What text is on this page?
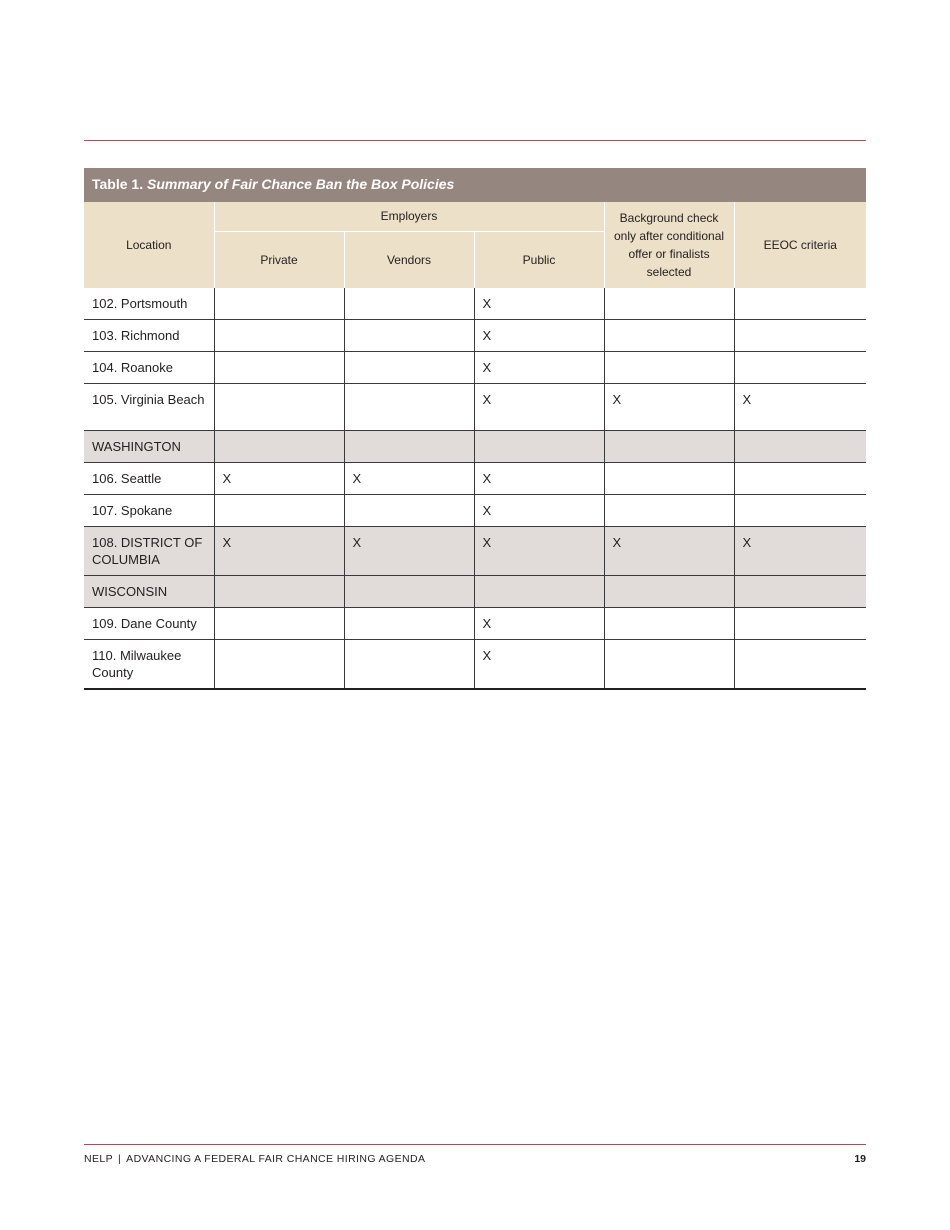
Table 1. Summary of Fair Chance Ban the Box Policies
Location	Employers			Background check only after conditional offer or finalists selected	EEOC criteria
	Private	Vendors	Public		
102. Portsmouth			X		
103. Richmond			X		
104. Roanoke			X		
105. Virginia Beach			X	X	X
WASHINGTON					
106. Seattle	X	X	X		
107. Spokane			X		
108. DISTRICT OF COLUMBIA	X	X	X	X	X
WISCONSIN					
109. Dane County			X		
110. Milwaukee County			X		
NELP | ADVANCING A FEDERAL FAIR CHANCE HIRING AGENDA	19
